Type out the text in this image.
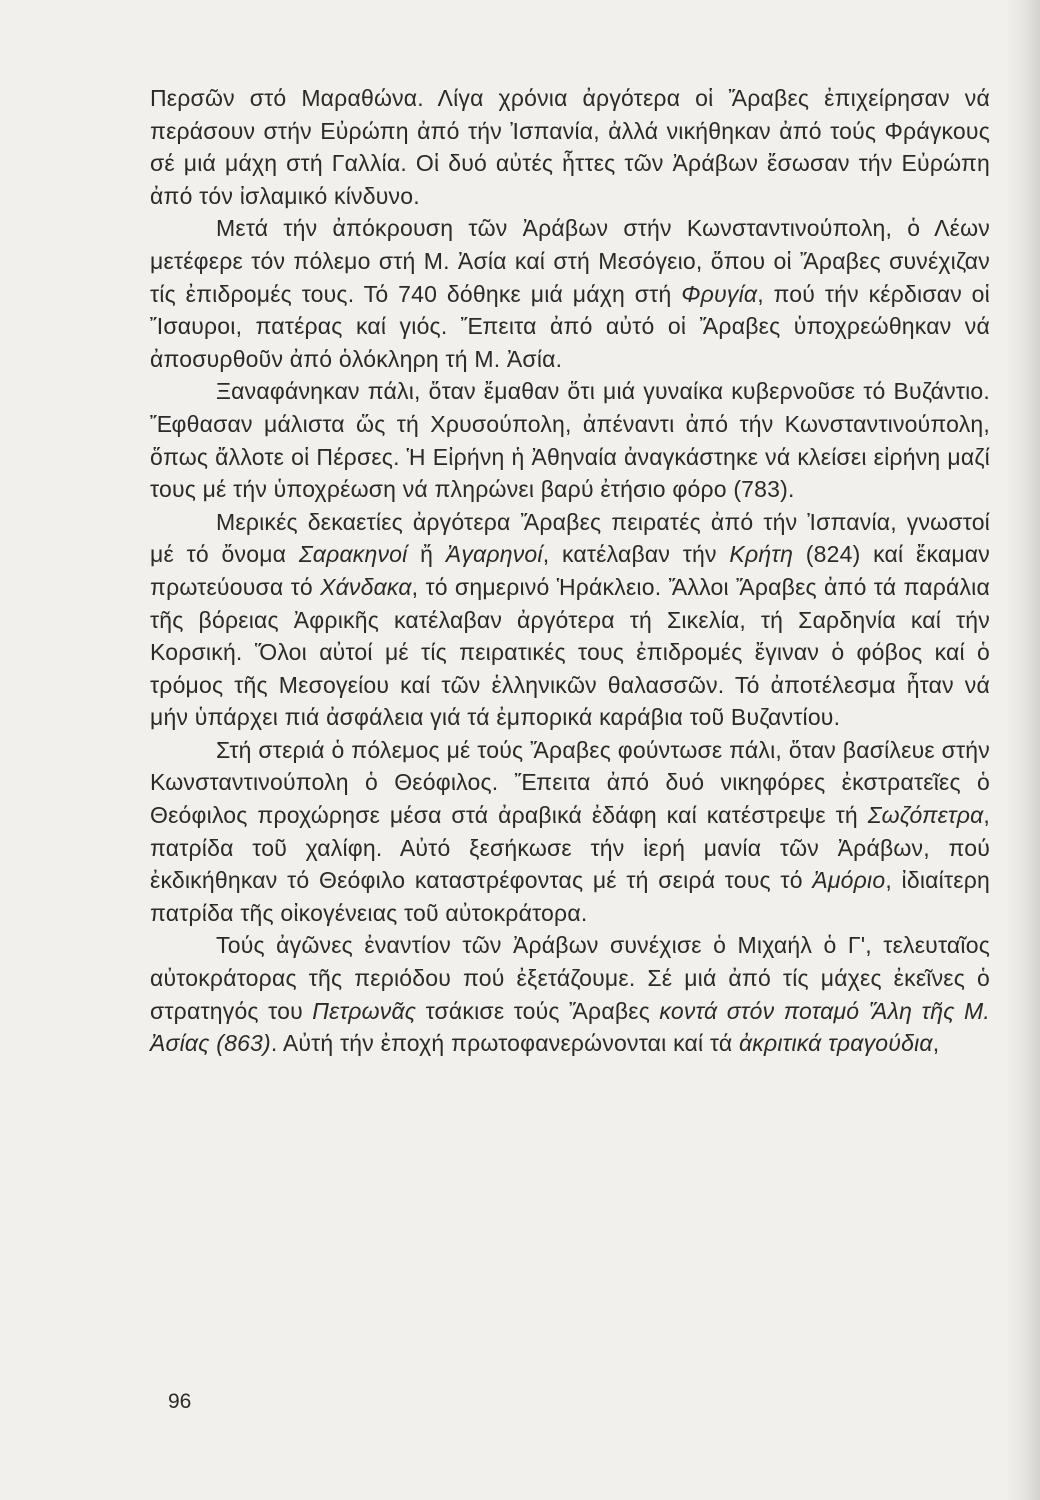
Περσῶν στό Μαραθώνα. Λίγα χρόνια ἀργότερα οἱ Ἄραβες ἐπιχείρησαν νά περάσουν στήν Εὐρώπη ἀπό τήν Ἰσπανία, ἀλλά νικήθηκαν ἀπό τούς Φράγκους σέ μιά μάχη στή Γαλλία. Οἱ δυό αὐτές ἧττες τῶν Ἀράβων ἔσωσαν τήν Εὐρώπη ἀπό τόν ἰσλαμικό κίνδυνο.

Μετά τήν ἀπόκρουση τῶν Ἀράβων στήν Κωνσταντινούπολη, ὁ Λέων μετέφερε τόν πόλεμο στή Μ. Ἀσία καί στή Μεσόγειο, ὅπου οἱ Ἄραβες συνέχιζαν τίς ἐπιδρομές τους. Τό 740 δόθηκε μιά μάχη στή Φρυγία, πού τήν κέρδισαν οἱ Ἴσαυροι, πατέρας καί γιός. Ἔπειτα ἀπό αὐτό οἱ Ἄραβες ὑποχρεώθηκαν νά ἀποσυρθοῦν ἀπό ὁλόκληρη τή Μ. Ἀσία.

Ξαναφάνηκαν πάλι, ὅταν ἔμαθαν ὅτι μιά γυναίκα κυβερνοῦσε τό Βυζάντιο. Ἔφθασαν μάλιστα ὥς τή Χρυσούπολη, ἀπέναντι ἀπό τήν Κωνσταντινούπολη, ὅπως ἄλλοτε οἱ Πέρσες. Ἡ Εἰρήνη ἡ Ἀθηναία ἀναγκάστηκε νά κλείσει εἰρήνη μαζί τους μέ τήν ὑποχρέωση νά πληρώνει βαρύ ἐτήσιο φόρο (783).

Μερικές δεκαετίες ἀργότερα Ἄραβες πειρατές ἀπό τήν Ἰσπανία, γνωστοί μέ τό ὄνομα Σαρακηνοί ἤ Ἀγαρηνοί, κατέλαβαν τήν Κρήτη (824) καί ἔκαμαν πρωτεύουσα τό Χάνδακα, τό σημερινό Ἡράκλειο. Ἄλλοι Ἄραβες ἀπό τά παράλια τῆς βόρειας Ἀφρικῆς κατέλαβαν ἀργότερα τή Σικελία, τή Σαρδηνία καί τήν Κορσική. Ὅλοι αὐτοί μέ τίς πειρατικές τους ἐπιδρομές ἔγιναν ὁ φόβος καί ὁ τρόμος τῆς Μεσογείου καί τῶν ἑλληνικῶν θαλασσῶν. Τό ἀποτέλεσμα ἦταν νά μήν ὑπάρχει πιά ἀσφάλεια γιά τά ἐμπορικά καράβια τοῦ Βυζαντίου.

Στή στεριά ὁ πόλεμος μέ τούς Ἄραβες φούντωσε πάλι, ὅταν βασίλευε στήν Κωνσταντινούπολη ὁ Θεόφιλος. Ἔπειτα ἀπό δυό νικηφόρες ἐκστρατεῖες ὁ Θεόφιλος προχώρησε μέσα στά ἀραβικά ἐδάφη καί κατέστρεψε τή Σωζόπετρα, πατρίδα τοῦ χαλίφη. Αὐτό ξεσήκωσε τήν ἱερή μανία τῶν Ἀράβων, πού ἐκδικήθηκαν τό Θεόφιλο καταστρέφοντας μέ τή σειρά τους τό Ἀμόριο, ἰδιαίτερη πατρίδα τῆς οἰκογένειας τοῦ αὐτοκράτορα.

Τούς ἀγῶνες ἐναντίον τῶν Ἀράβων συνέχισε ὁ Μιχαήλ ὁ Γ', τελευταῖος αὐτοκράτορας τῆς περιόδου πού ἐξετάζουμε. Σέ μιά ἀπό τίς μάχες ἐκεῖνες ὁ στρατηγός του Πετρωνᾶς τσάκισε τούς Ἄραβες κοντά στόν ποταμό Ἅλη τῆς Μ. Ἀσίας (863). Αὐτή τήν ἐποχή πρωτοφανερώνονται καί τά ἀκριτικά τραγούδια,

96
